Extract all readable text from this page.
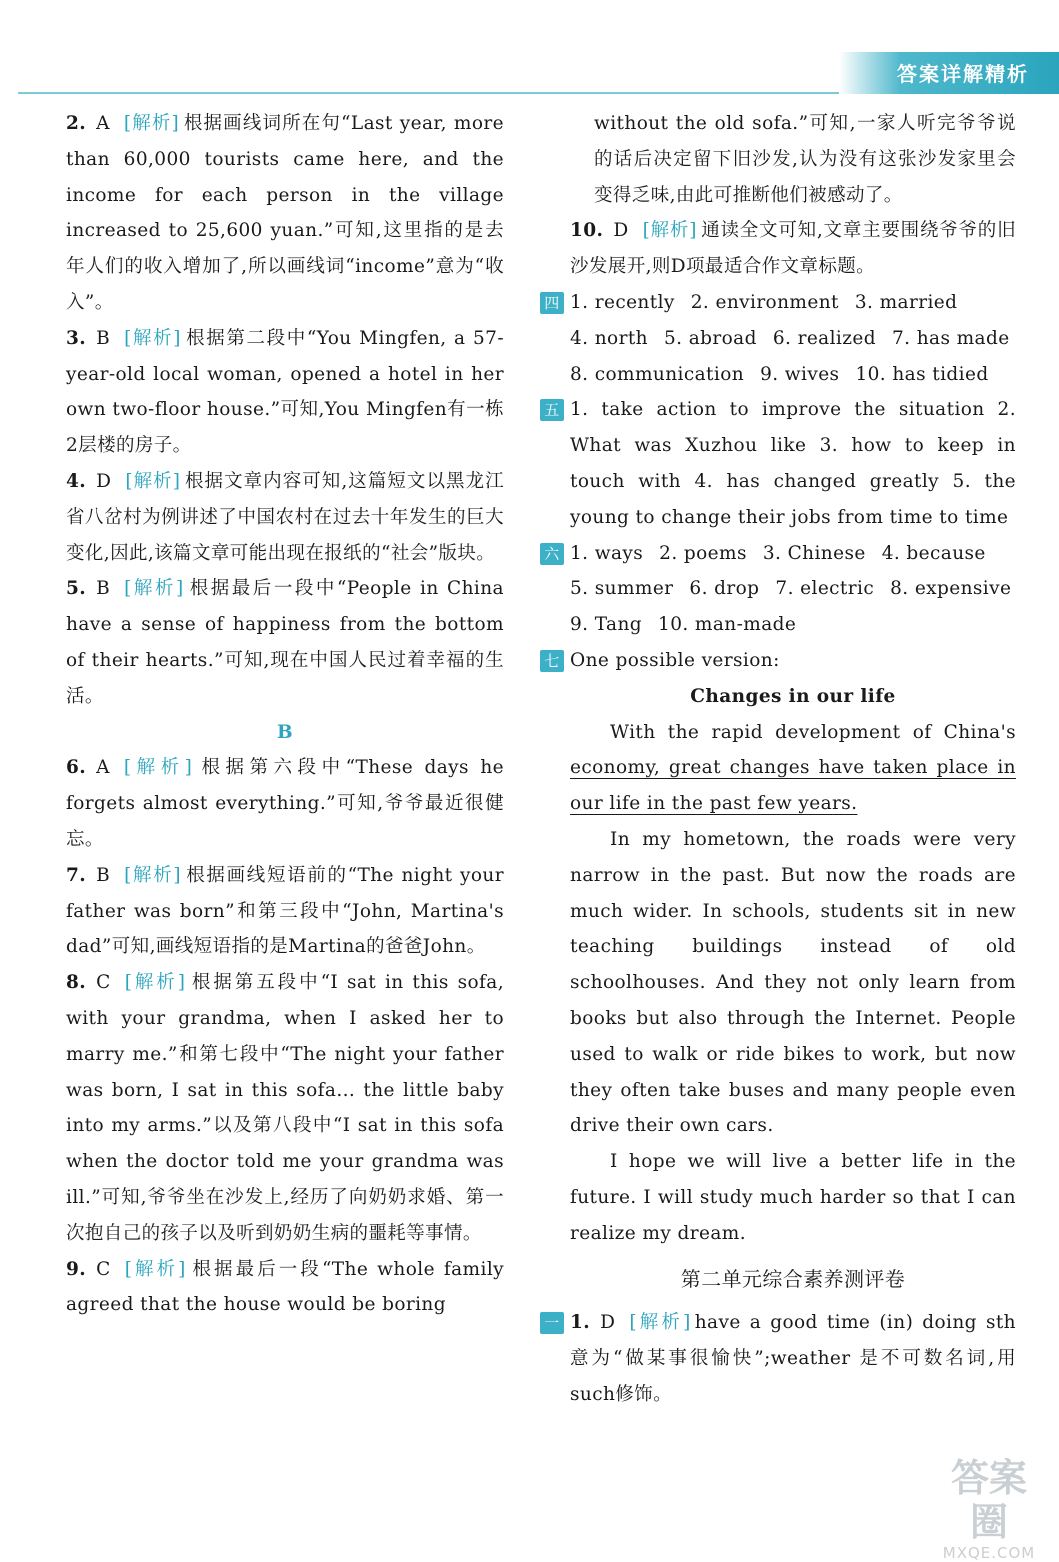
答案详解精析
2. A [解析] 根据画线词所在句“Last year, more than 60,000 tourists came here, and the income for each person in the village increased to 25,600 yuan.”可知,这里指的是去年人们的收入增加了,所以画线词“income”意为“收入”。
3. B [解析] 根据第二段中“You Mingfen, a 57-year-old local woman, opened a hotel in her own two-floor house.”可知,You Mingfen有一栋2层楼的房子。
4. D [解析] 根据文章内容可知,这篇短文以黑龙江省八岔村为例讲述了中国农村在过去十年发生的巨大变化,因此,该篇文章可能出现在报纸的“社会”版块。
5. B [解析] 根据最后一段中“People in China have a sense of happiness from the bottom of their hearts.”可知,现在中国人民过着幸福的生活。
B
6. A [解析] 根据第六段中“These days he forgets almost everything.”可知,爷爷最近很健忘。
7. B [解析] 根据画线短语前的“The night your father was born”和第三段中“John, Martina's dad”可知,画线短语指的是Martina的爸爸John。
8. C [解析] 根据第五段中“I sat in this sofa, with your grandma, when I asked her to marry me.”和第七段中“The night your father was born, I sat in this sofa... the little baby into my arms.”以及第八段中“I sat in this sofa when the doctor told me your grandma was ill.”可知,爷爷坐在沙发上,经历了向奶奶求婚、第一次抱自己的孩子以及听到奶奶生病的噩耗等事情。
9. C [解析] 根据最后一段“The whole family agreed that the house would be boring
without the old sofa.”可知,一家人听完爷爷说的话后决定留下旧沙发,认为没有这张沙发家里会变得乏味,由此可推断他们被感动了。
10. D [解析] 通读全文可知,文章主要围绕爷爷的旧沙发展开,则D项最适合作文章标题。
四 1. recently 2. environment 3. married
4. north 5. abroad 6. realized 7. has made
8. communication 9. wives 10. has tidied
五 1. take action to improve the situation 2. What was Xuzhou like 3. how to keep in touch with 4. has changed greatly 5. the young to change their jobs from time to time
六 1. ways 2. poems 3. Chinese 4. because
5. summer 6. drop 7. electric 8. expensive
9. Tang 10. man-made
七 One possible version:
Changes in our life
With the rapid development of China's economy, great changes have taken place in our life in the past few years.
In my hometown, the roads were very narrow in the past. But now the roads are much wider. In schools, students sit in new teaching buildings instead of old schoolhouses. And they not only learn from books but also through the Internet. People used to walk or ride bikes to work, but now they often take buses and many people even drive their own cars.
I hope we will live a better life in the future. I will study much harder so that I can realize my dream.
第二单元综合素养测评卷
一 1. D [解析] have a good time (in) doing sth 意为“做某事很愉快”;weather 是不可数名词,用such修饰。
答案圈
MXQE.COM
